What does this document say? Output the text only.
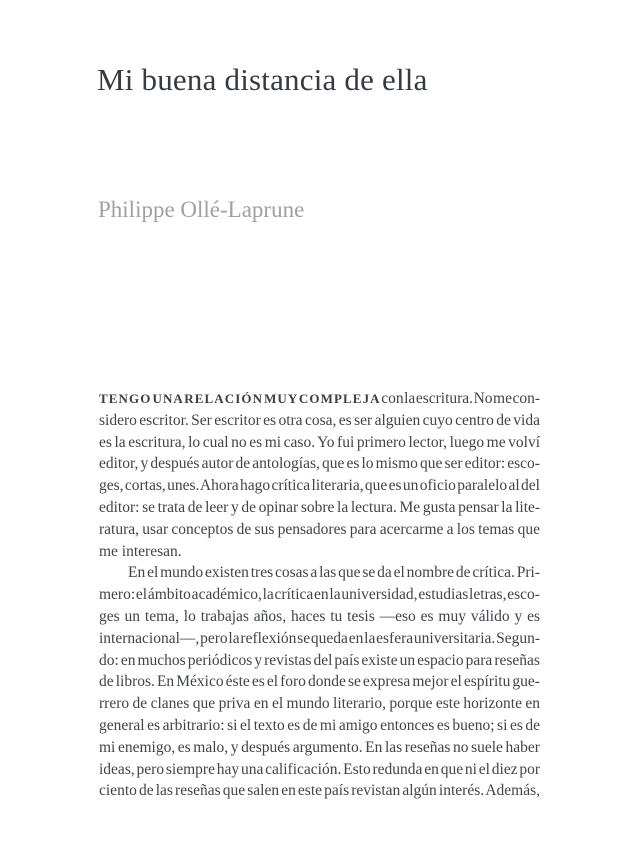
Mi buena distancia de ella
Philippe Ollé-Laprune
TENGO UNA RELACIÓN MUY COMPLEJA con la escritura. No me con-
sidero escritor. Ser escritor es otra cosa, es ser alguien cuyo centro de vida
es la escritura, lo cual no es mi caso. Yo fui primero lector, luego me volví
editor, y después autor de antologías, que es lo mismo que ser editor: esco-
ges, cortas, unes. Ahora hago crítica literaria, que es un oficio paralelo al del
editor: se trata de leer y de opinar sobre la lectura. Me gusta pensar la lite-
ratura, usar conceptos de sus pensadores para acercarme a los temas que
me interesan.
En el mundo existen tres cosas a las que se da el nombre de crítica. Pri-
mero: el ámbito académico, la crítica en la universidad, estudias letras, esco-
ges un tema, lo trabajas años, haces tu tesis —eso es muy válido y es
internacional—, pero la reflexión se queda en la esfera universitaria. Segun-
do: en muchos periódicos y revistas del país existe un espacio para reseñas
de libros. En México éste es el foro donde se expresa mejor el espíritu gue-
rrero de clanes que priva en el mundo literario, porque este horizonte en
general es arbitrario: si el texto es de mi amigo entonces es bueno; si es de
mi enemigo, es malo, y después argumento. En las reseñas no suele haber
ideas, pero siempre hay una calificación. Esto redunda en que ni el diez por
ciento de las reseñas que salen en este país revistan algún interés. Además,
